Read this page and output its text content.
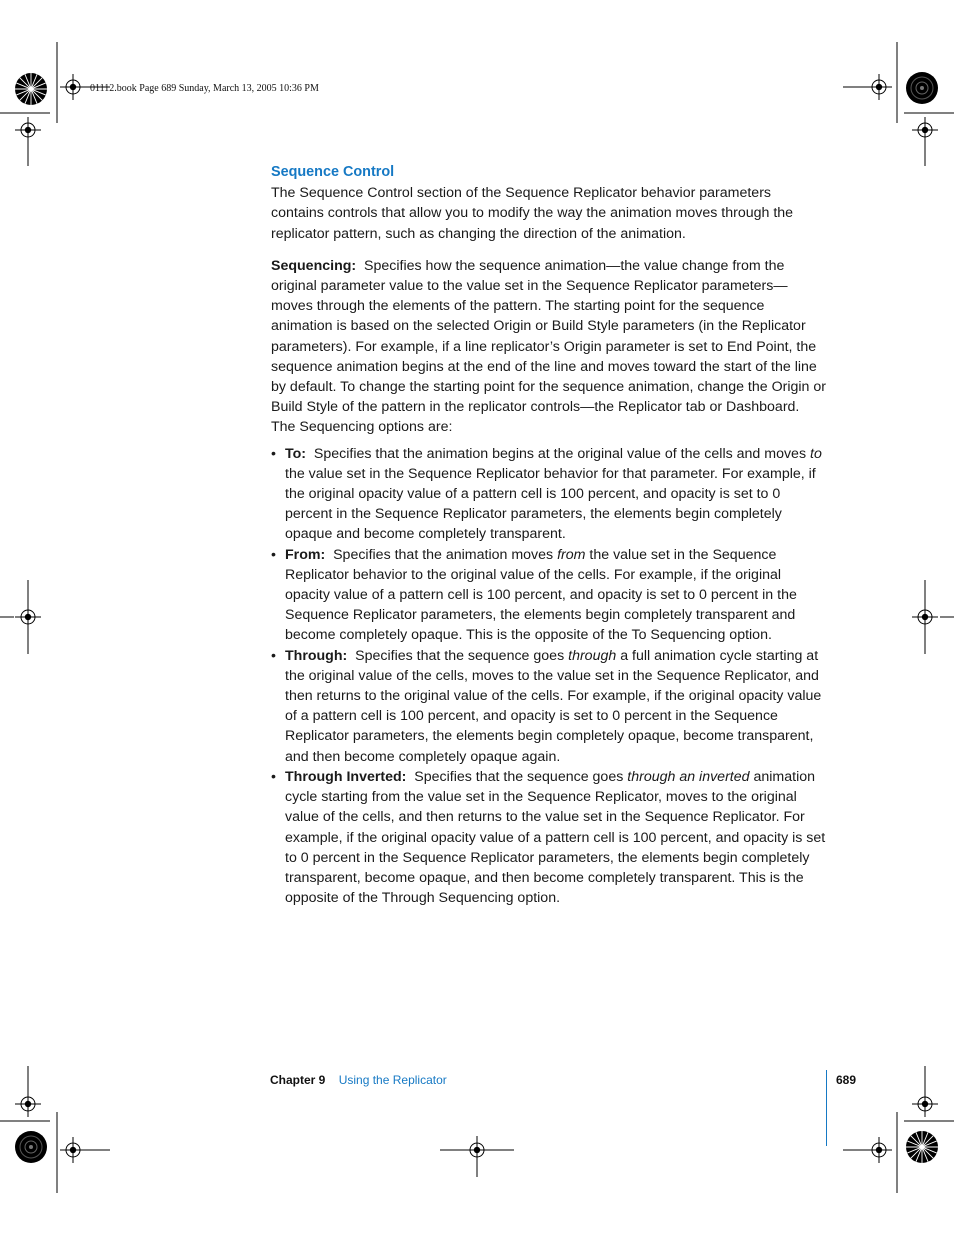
01112.book Page 689 Sunday, March 13, 2005 10:36 PM
Sequence Control

The Sequence Control section of the Sequence Replicator behavior parameters contains controls that allow you to modify the way the animation moves through the replicator pattern, such as changing the direction of the animation.

Sequencing: Specifies how the sequence animation—the value change from the original parameter value to the value set in the Sequence Replicator parameters—moves through the elements of the pattern. The starting point for the sequence animation is based on the selected Origin or Build Style parameters (in the Replicator parameters). For example, if a line replicator’s Origin parameter is set to End Point, the sequence animation begins at the end of the line and moves toward the start of the line by default. To change the starting point for the sequence animation, change the Origin or Build Style of the pattern in the replicator controls—the Replicator tab or Dashboard. The Sequencing options are:

• To: Specifies that the animation begins at the original value of the cells and moves to the value set in the Sequence Replicator behavior for that parameter. For example, if the original opacity value of a pattern cell is 100 percent, and opacity is set to 0 percent in the Sequence Replicator parameters, the elements begin completely opaque and become completely transparent.
• From: Specifies that the animation moves from the value set in the Sequence Replicator behavior to the original value of the cells. For example, if the original opacity value of a pattern cell is 100 percent, and opacity is set to 0 percent in the Sequence Replicator parameters, the elements begin completely transparent and become completely opaque. This is the opposite of the To Sequencing option.
• Through: Specifies that the sequence goes through a full animation cycle starting at the original value of the cells, moves to the value set in the Sequence Replicator, and then returns to the original value of the cells. For example, if the original opacity value of a pattern cell is 100 percent, and opacity is set to 0 percent in the Sequence Replicator parameters, the elements begin completely opaque, become transparent, and then become completely opaque again.
• Through Inverted: Specifies that the sequence goes through an inverted animation cycle starting from the value set in the Sequence Replicator, moves to the original value of the cells, and then returns to the value set in the Sequence Replicator. For example, if the original opacity value of a pattern cell is 100 percent, and opacity is set to 0 percent in the Sequence Replicator parameters, the elements begin completely transparent, become opaque, and then become completely transparent. This is the opposite of the Through Sequencing option.
Chapter 9 Using the Replicator	689
